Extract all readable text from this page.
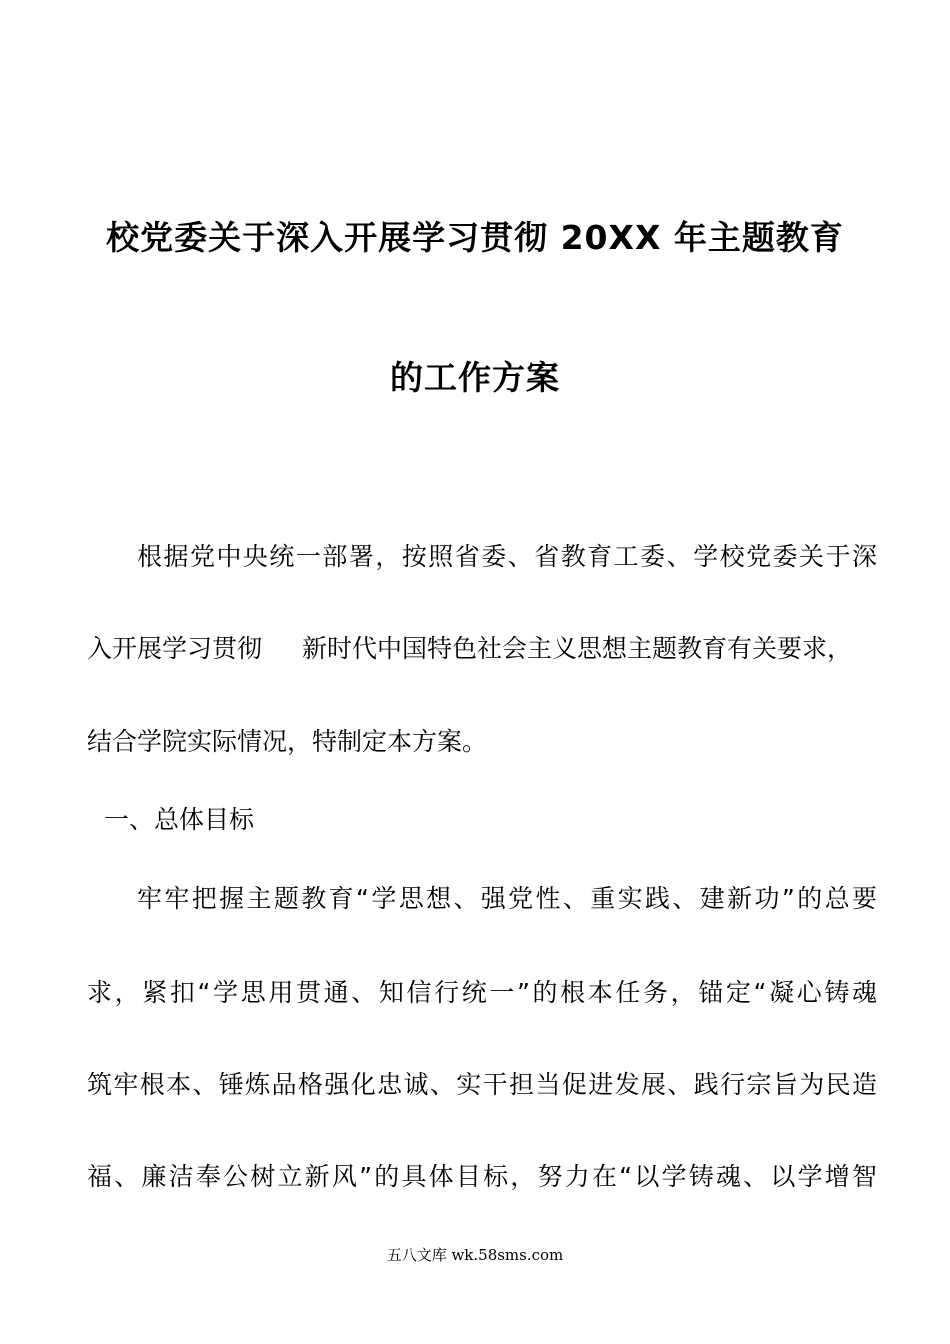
校党委关于深入开展学习贯彻 20XX 年主题教育
的工作方案
根据党中央统一部署，按照省委、省教育工委、学校党委关于深
入开展学习贯彻 新时代中国特色社会主义思想主题教育有关要求，
结合学院实际情况，特制定本方案。
一、总体目标
牢牢把握主题教育“学思想、强党性、重实践、建新功”的总要
求，紧扣“学思用贯通、知信行统一”的根本任务，锚定“凝心铸魂
筑牢根本、锤炼品格强化忠诚、实干担当促进发展、践行宗旨为民造
福、廉洁奉公树立新风”的具体目标，努力在“以学铸魂、以学增智
五八文库 wk.58sms.com
